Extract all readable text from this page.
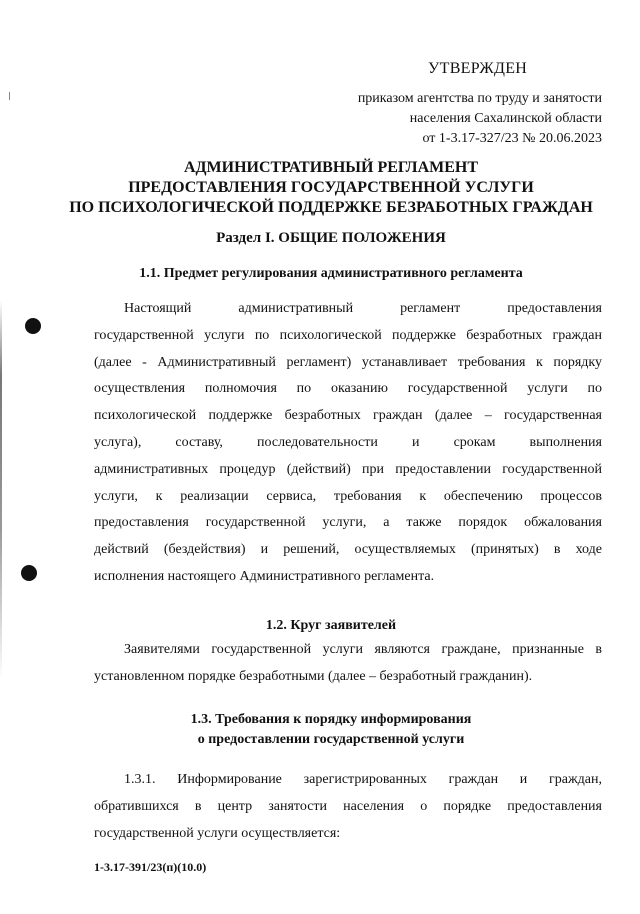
УТВЕРЖДЕН
приказом агентства по труду и занятости
населения Сахалинской области
от 1-3.17-327/23 № 20.06.2023
АДМИНИСТРАТИВНЫЙ РЕГЛАМЕНТ
ПРЕДОСТАВЛЕНИЯ ГОСУДАРСТВЕННОЙ УСЛУГИ
ПО ПСИХОЛОГИЧЕСКОЙ ПОДДЕРЖКЕ БЕЗРАБОТНЫХ ГРАЖДАН
Раздел I. ОБЩИЕ ПОЛОЖЕНИЯ
1.1. Предмет регулирования административного регламента
Настоящий административный регламент предоставления
государственной услуги по психологической поддержке безработных граждан
(далее - Административный регламент) устанавливает требования к порядку
осуществления полномочия по оказанию государственной услуги по
психологической поддержке безработных граждан (далее – государственная
услуга), составу, последовательности и срокам выполнения
административных процедур (действий) при предоставлении государственной
услуги, к реализации сервиса, требования к обеспечению процессов
предоставления государственной услуги, а также порядок обжалования
действий (бездействия) и решений, осуществляемых (принятых) в ходе
исполнения настоящего Административного регламента.
1.2. Круг заявителей
Заявителями государственной услуги являются граждане, признанные в
установленном порядке безработными (далее – безработный гражданин).
1.3. Требования к порядку информирования
о предоставлении государственной услуги
1.3.1. Информирование зарегистрированных граждан и граждан,
обратившихся в центр занятости населения о порядке предоставления
государственной услуги осуществляется:
1-3.17-391/23(п)(10.0)
